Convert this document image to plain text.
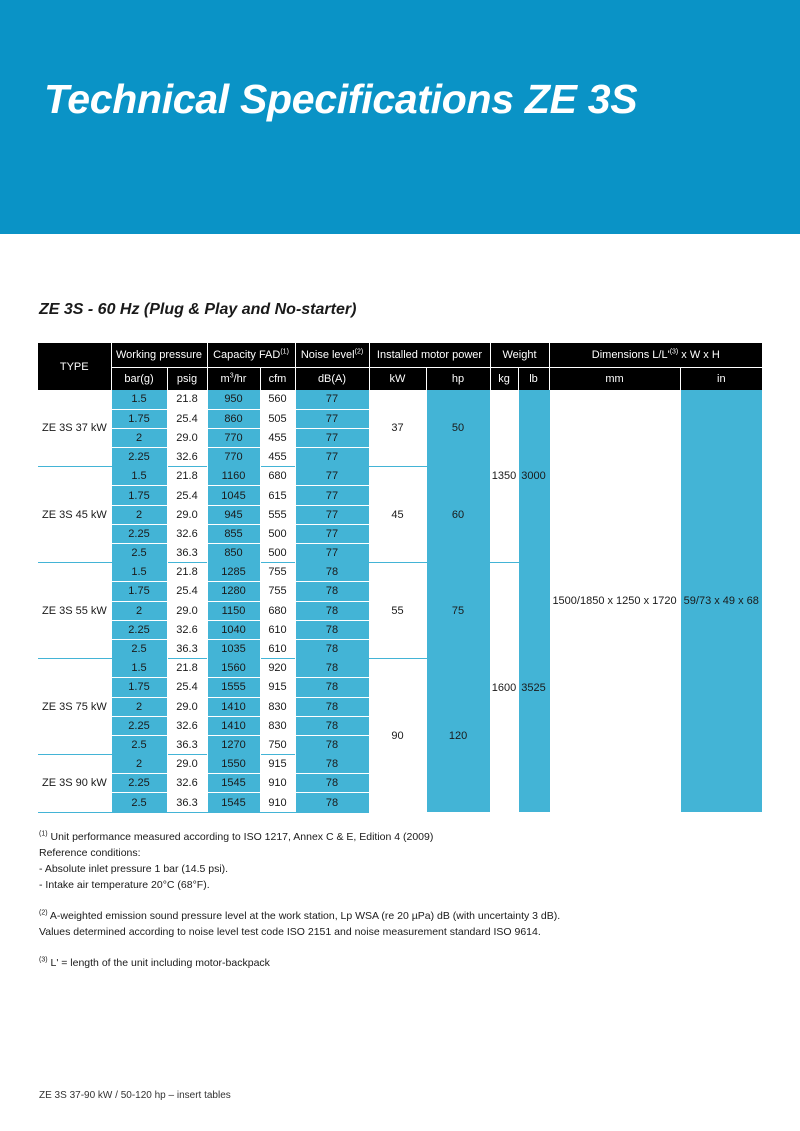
Technical Specifications ZE 3S
ZE 3S - 60 Hz (Plug & Play and No-starter)
TYPE	Working pressure		Capacity FAD$^{(1)}$		Noise level$^{(2)}$	Installed motor power		Weight		Dimensions $L/L'^{(3)}$ x W x H	
	bar(g)	psig	$m^3/hr$	cfm	dB(A)	kW	hp	kg	lb	mm	in
ZE 3S 37 kW	1.5	21.8	950	560	77	37	50	1350	3000	1500/1850 x 1250 x 1720	59/73 x 49 x 68
	1.75	25.4	860	505	77						
	2	29.0	770	455	77						
	2.25	32.6	770	455	77						
ZE 3S 45 kW	1.5	21.8	1160	680	77	45	60				
	1.75	25.4	1045	615	77						
	2	29.0	945	555	77						
	2.25	32.6	855	500	77						
	2.5	36.3	850	500	77						
ZE 3S 55 kW	1.5	21.8	1285	755	78	55	75	1600	3525		
	1.75	25.4	1280	755	78						
	2	29.0	1150	680	78						
	2.25	32.6	1040	610	78						
	2.5	36.3	1035	610	78						
ZE 3S 75 kW	1.5	21.8	1560	920	78	90	120				
	1.75	25.4	1555	915	78						
	2	29.0	1410	830	78						
	2.25	32.6	1410	830	78						
	2.5	36.3	1270	750	78						
ZE 3S 90 kW	2	29.0	1550	915	78						
	2.25	32.6	1545	910	78						
	2.5	36.3	1545	910	78						

$^{(1)}$ Unit performance measured according to ISO 1217, Annex C & E, Edition 4 (2009)

Reference conditions:

- Absolute inlet pressure 1 bar (14.5 psi).

- Intake air temperature 20°C (68°F).

$^{(2)}$ A-weighted emission sound pressure level at the work station, Lp WSA (re 20 µPa) dB (with uncertainty 3 dB).

Values determined according to noise level test code ISO 2151 and noise measurement standard ISO 9614.

$^{(3)}$ L' = length of the unit including motor-backpack

ZE 3S 37-90 kW / 50-120 hp – insert tables
